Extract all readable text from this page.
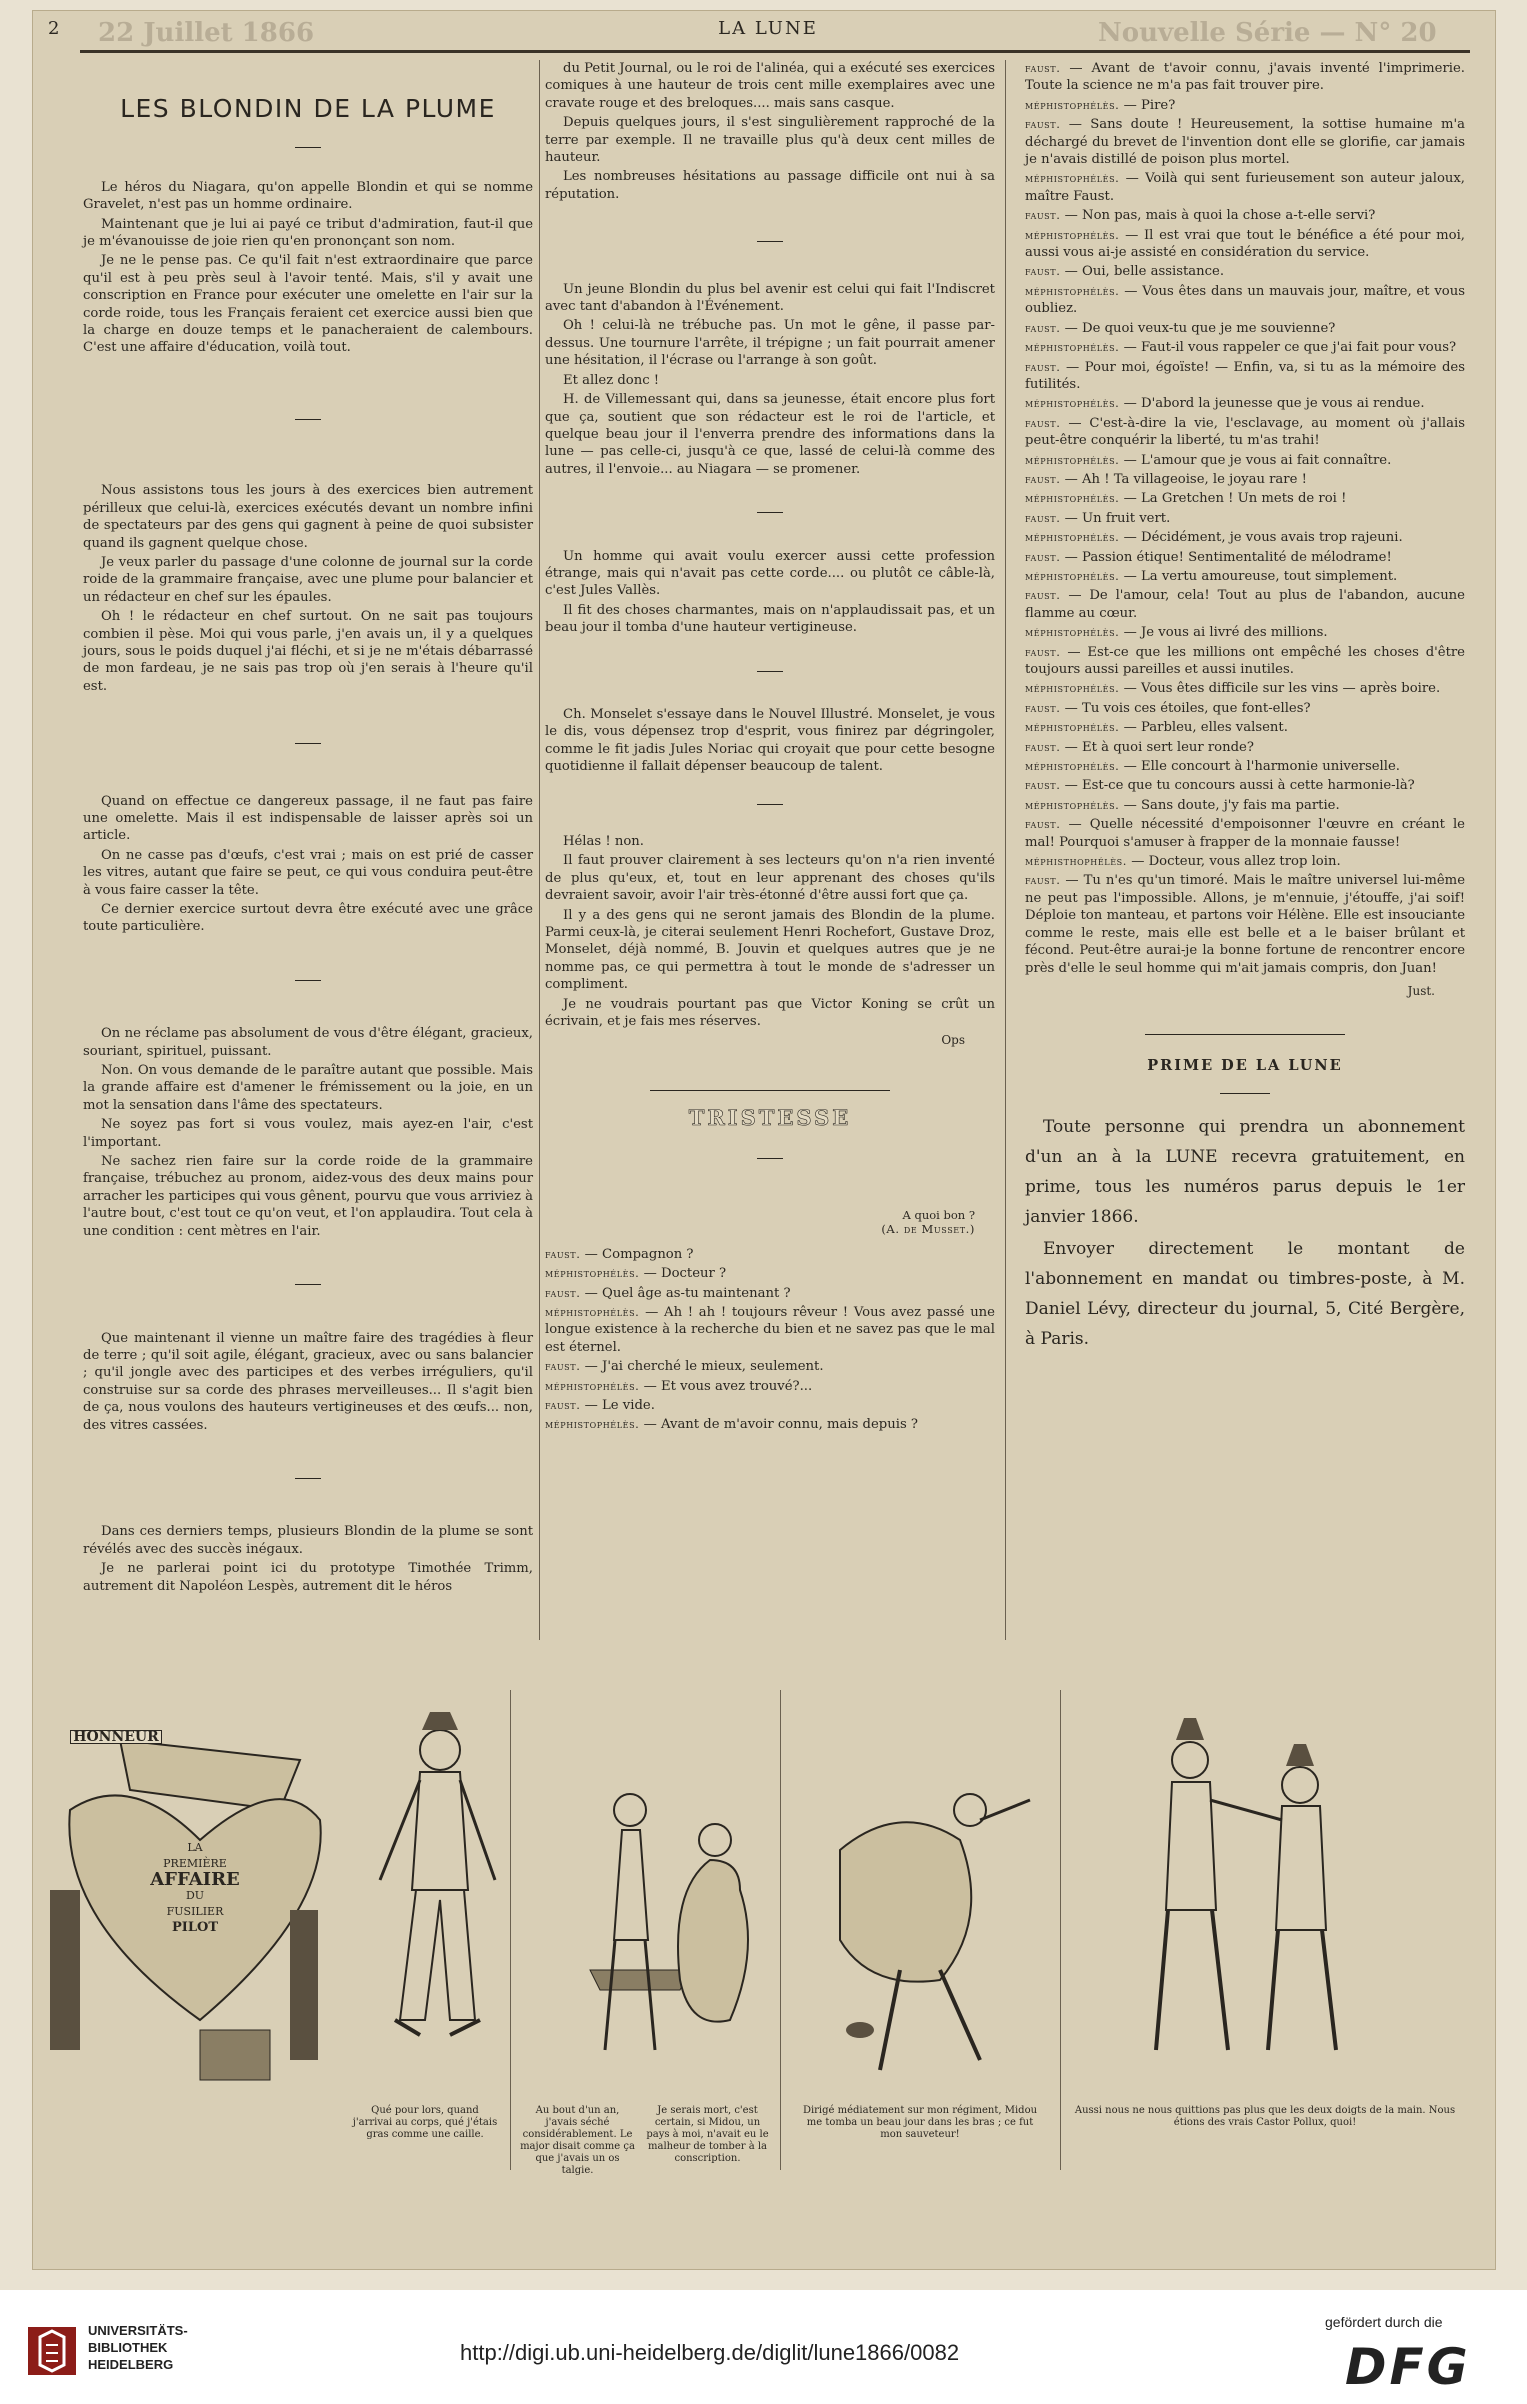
2 22 Juillet 1866	LA LUNE	Nouvelle Série — N° 20
LES BLONDIN DE LA PLUME

Le héros du Niagara, qu'on appelle Blondin et qui se nomme Gravelet, n'est pas un homme ordinaire.

Maintenant que je lui ai payé ce tribut d'admiration, faut-il que je m'évanouisse de joie rien qu'en prononçant son nom.

Je ne le pense pas. Ce qu'il fait n'est extraordinaire que parce qu'il est à peu près seul à l'avoir tenté. Mais, s'il y avait une conscription en France pour exécuter une omelette en l'air sur la corde roide, tous les Français feraient cet exercice aussi bien que la charge en douze temps et le panacheraient de calembours. C'est une affaire d'éducation, voilà tout.

Nous assistons tous les jours à des exercices bien autrement périlleux que celui-là, exercices exécutés devant un nombre infini de spectateurs par des gens qui gagnent à peine de quoi subsister quand ils gagnent quelque chose.

Je veux parler du passage d'une colonne de journal sur la corde roide de la grammaire française, avec une plume pour balancier et un rédacteur en chef sur les épaules.

Oh ! le rédacteur en chef surtout. On ne sait pas toujours combien il pèse. Moi qui vous parle, j'en avais un, il y a quelques jours, sous le poids duquel j'ai fléchi, et si je ne m'étais débarrassé de mon fardeau, je ne sais pas trop où j'en serais à l'heure qu'il est.

Quand on effectue ce dangereux passage, il ne faut pas faire une omelette. Mais il est indispensable de laisser après soi un article.

On ne casse pas d'œufs, c'est vrai ; mais on est prié de casser les vitres, autant que faire se peut, ce qui vous conduira peut-être à vous faire casser la tête.

Ce dernier exercice surtout devra être exécuté avec une grâce toute particulière.

On ne réclame pas absolument de vous d'être élégant, gracieux, souriant, spirituel, puissant.

Non. On vous demande de le paraître autant que possible. Mais la grande affaire est d'amener le frémissement ou la joie, en un mot la sensation dans l'âme des spectateurs.

Ne soyez pas fort si vous voulez, mais ayez-en l'air, c'est l'important.

Ne sachez rien faire sur la corde roide de la grammaire française, trébuchez au pronom, aidez-vous des deux mains pour arracher les participes qui vous gênent, pourvu que vous arriviez à l'autre bout, c'est tout ce qu'on veut, et l'on applaudira. Tout cela à une condition : cent mètres en l'air.

Que maintenant il vienne un maître faire des tragédies à fleur de terre ; qu'il soit agile, élégant, gracieux, avec ou sans balancier ; qu'il jongle avec des participes et des verbes irréguliers, qu'il construise sur sa corde des phrases merveilleuses... Il s'agit bien de ça, nous voulons des hauteurs vertigineuses et des œufs... non, des vitres cassées.

Dans ces derniers temps, plusieurs Blondin de la plume se sont révélés avec des succès inégaux.

Je ne parlerai point ici du prototype Timothée Trimm, autrement dit Napoléon Lespès, autrement dit le héros

du Petit Journal, ou le roi de l'alinéa, qui a exécuté ses exercices comiques à une hauteur de trois cent mille exemplaires avec une cravate rouge et des breloques.... mais sans casque.

Depuis quelques jours, il s'est singulièrement rapproché de la terre par exemple. Il ne travaille plus qu'à deux cent milles de hauteur.

Les nombreuses hésitations au passage difficile ont nui à sa réputation.

Un jeune Blondin du plus bel avenir est celui qui fait l'Indiscret avec tant d'abandon à l'Événement.

Oh ! celui-là ne trébuche pas. Un mot le gêne, il passe par-dessus. Une tournure l'arrête, il trépigne ; un fait pourrait amener une hésitation, il l'écrase ou l'arrange à son goût.

Et allez donc !

H. de Villemessant qui, dans sa jeunesse, était encore plus fort que ça, soutient que son rédacteur est le roi de l'article, et quelque beau jour il l'enverra prendre des informations dans la lune — pas celle-ci, jusqu'à ce que, lassé de celui-là comme des autres, il l'envoie... au Niagara — se promener.

Un homme qui avait voulu exercer aussi cette profession étrange, mais qui n'avait pas cette corde.... ou plutôt ce câble-là, c'est Jules Vallès.

Il fit des choses charmantes, mais on n'applaudissait pas, et un beau jour il tomba d'une hauteur vertigineuse.

Ch. Monselet s'essaye dans le Nouvel Illustré. Monselet, je vous le dis, vous dépensez trop d'esprit, vous finirez par dégringoler, comme le fit jadis Jules Noriac qui croyait que pour cette besogne quotidienne il fallait dépenser beaucoup de talent.

Hélas ! non.

Il faut prouver clairement à ses lecteurs qu'on n'a rien inventé de plus qu'eux, et, tout en leur apprenant des choses qu'ils devraient savoir, avoir l'air très-étonné d'être aussi fort que ça.

Il y a des gens qui ne seront jamais des Blondin de la plume. Parmi ceux-là, je citerai seulement Henri Rochefort, Gustave Droz, Monselet, déjà nommé, B. Jouvin et quelques autres que je ne nomme pas, ce qui permettra à tout le monde de s'adresser un compliment.

Je ne voudrais pourtant pas que Victor Koning se crût un écrivain, et je fais mes réserves.

Ops
TRISTESSE
A quoi bon ?
(A. de Musset.)

faust. — Compagnon ?

méphistophélès. — Docteur ?

faust. — Quel âge as-tu maintenant ?

méphistophélès. — Ah ! ah ! toujours rêveur ! Vous avez passé une longue existence à la recherche du bien et ne savez pas que le mal est éternel.

faust. — J'ai cherché le mieux, seulement.

méphistophélès. — Et vous avez trouvé?...

faust. — Le vide.

méphistophélès. — Avant de m'avoir connu, mais depuis ?

faust. — Avant de t'avoir connu, j'avais inventé l'imprimerie. Toute la science ne m'a pas fait trouver pire.

méphistophélès. — Pire?

faust. — Sans doute ! Heureusement, la sottise humaine m'a déchargé du brevet de l'invention dont elle se glorifie, car jamais je n'avais distillé de poison plus mortel.

méphistophélès. — Voilà qui sent furieusement son auteur jaloux, maître Faust.

faust. — Non pas, mais à quoi la chose a-t-elle servi?

méphistophélès. — Il est vrai que tout le bénéfice a été pour moi, aussi vous ai-je assisté en considération du service.

faust. — Oui, belle assistance.

méphistophélès. — Vous êtes dans un mauvais jour, maître, et vous oubliez.

faust. — De quoi veux-tu que je me souvienne?

méphistophélès. — Faut-il vous rappeler ce que j'ai fait pour vous?

faust. — Pour moi, égoïste! — Enfin, va, si tu as la mémoire des futilités.

méphistophélès. — D'abord la jeunesse que je vous ai rendue.

faust. — C'est-à-dire la vie, l'esclavage, au moment où j'allais peut-être conquérir la liberté, tu m'as trahi!

méphistophélès. — L'amour que je vous ai fait connaître.

faust. — Ah ! Ta villageoise, le joyau rare !

méphistophélès. — La Gretchen ! Un mets de roi !

faust. — Un fruit vert.

méphistophélès. — Décidément, je vous avais trop rajeuni.

faust. — Passion étique! Sentimentalité de mélodrame!

méphistophélès. — La vertu amoureuse, tout simplement.

faust. — De l'amour, cela! Tout au plus de l'abandon, aucune flamme au cœur.

méphistophélès. — Je vous ai livré des millions.

faust. — Est-ce que les millions ont empêché les choses d'être toujours aussi pareilles et aussi inutiles.

méphistophélès. — Vous êtes difficile sur les vins — après boire.

faust. — Tu vois ces étoiles, que font-elles?

méphistophélès. — Parbleu, elles valsent.

faust. — Et à quoi sert leur ronde?

méphistophélès. — Elle concourt à l'harmonie universelle.

faust. — Est-ce que tu concours aussi à cette harmonie-là?

méphistophélès. — Sans doute, j'y fais ma partie.

faust. — Quelle nécessité d'empoisonner l'œuvre en créant le mal! Pourquoi s'amuser à frapper de la monnaie fausse!

méphisthophélès. — Docteur, vous allez trop loin.

faust. — Tu n'es qu'un timoré. Mais le maître universel lui-même ne peut pas l'impossible. Allons, je m'ennuie, j'étouffe, j'ai soif! Déploie ton manteau, et partons voir Hélène. Elle est insouciante comme le reste, mais elle est belle et a le baiser brûlant et fécond. Peut-être aurai-je la bonne fortune de rencontrer encore près d'elle le seul homme qui m'ait jamais compris, don Juan!

Just.
PRIME DE LA LUNE

Toute personne qui prendra un abonnement d'un an à la LUNE recevra gratuitement, en prime, tous les numéros parus depuis le 1er janvier 1866.

Envoyer directement le montant de l'abonnement en mandat ou timbres-poste, à M. Daniel Lévy, directeur du journal, 5, Cité Bergère, à Paris.

HONNEUR
LA
PREMIÈRE
AFFAIRE
DU
FUSILIER
PILOT
Qué pour lors, quand j'arrivai au corps, qué j'étais gras comme une caille.
Au bout d'un an, j'avais séché considérablement. Le major disait comme ça que j'avais un os talgie.
Je serais mort, c'est certain, si Midou, un pays à moi, n'avait eu le malheur de tomber à la conscription.
Dirigé médiatement sur mon régiment, Midou me tomba un beau jour dans les bras ; ce fut mon sauveteur!
Aussi nous ne nous quittions pas plus que les deux doigts de la main. Nous étions des vrais Castor Pollux, quoi!
UNIVERSITÄTS-
BIBLIOTHEK
HEIDELBERG	http://digi.ub.uni-heidelberg.de/diglit/lune1866/0082
gefördert durch die
DFG
